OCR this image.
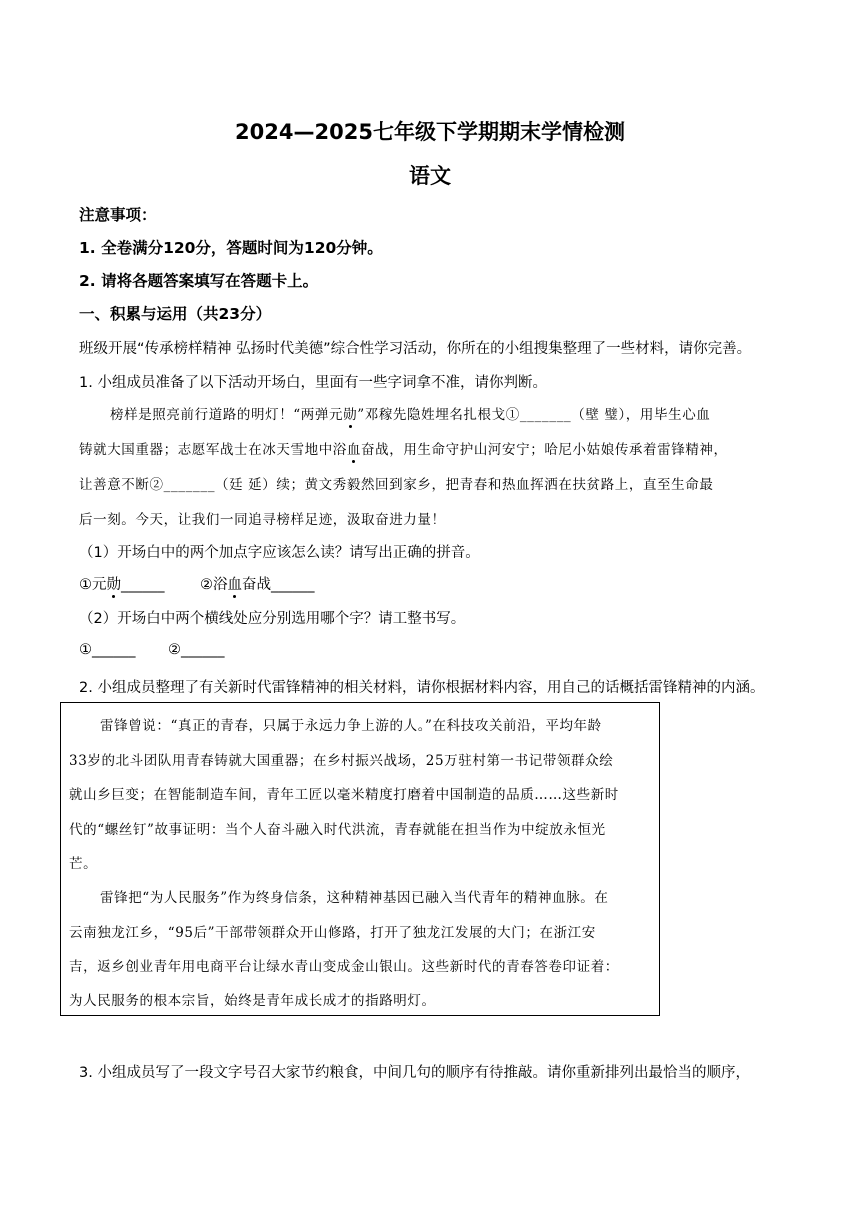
2024—2025七年级下学期期末学情检测
语文
注意事项：
1. 全卷满分120分，答题时间为120分钟。
2. 请将各题答案填写在答题卡上。
一、积累与运用（共23分）
班级开展“传承榜样精神 弘扬时代美德”综合性学习活动，你所在的小组搜集整理了一些材料，请你完善。
1. 小组成员准备了以下活动开场白，里面有一些字词拿不准，请你判断。
榜样是照亮前行道路的明灯！“两弹元勋”邓稼先隐姓埋名扎根戈①_______（壁 璧），用毕生心血
铸就大国重器；志愿军战士在冰天雪地中浴血奋战，用生命守护山河安宁；哈尼小姑娘传承着雷锋精神，
让善意不断②_______（廷 延）续；黄文秀毅然回到家乡，把青春和热血挥洒在扶贫路上，直至生命最
后一刻。今天，让我们一同追寻榜样足迹，汲取奋进力量！
（1）开场白中的两个加点字应该怎么读？请写出正确的拼音。
①元勋______ ②浴血奋战______
（2）开场白中两个横线处应分别选用哪个字？请工整书写。
①______ ②______
2. 小组成员整理了有关新时代雷锋精神的相关材料，请你根据材料内容，用自己的话概括雷锋精神的内涵。
雷锋曾说：“真正的青春，只属于永远力争上游的人。”在科技攻关前沿，平均年龄
33岁的北斗团队用青春铸就大国重器；在乡村振兴战场，25万驻村第一书记带领群众绘
就山乡巨变；在智能制造车间，青年工匠以毫米精度打磨着中国制造的品质……这些新时
代的“螺丝钉”故事证明：当个人奋斗融入时代洪流，青春就能在担当作为中绽放永恒光
芒。
雷锋把“为人民服务”作为终身信条，这种精神基因已融入当代青年的精神血脉。在
云南独龙江乡，“95后”干部带领群众开山修路，打开了独龙江发展的大门；在浙江安
吉，返乡创业青年用电商平台让绿水青山变成金山银山。这些新时代的青春答卷印证着：
为人民服务的根本宗旨，始终是青年成长成才的指路明灯。
3. 小组成员写了一段文字号召大家节约粮食，中间几句的顺序有待推敲。请你重新排列出最恰当的顺序，
